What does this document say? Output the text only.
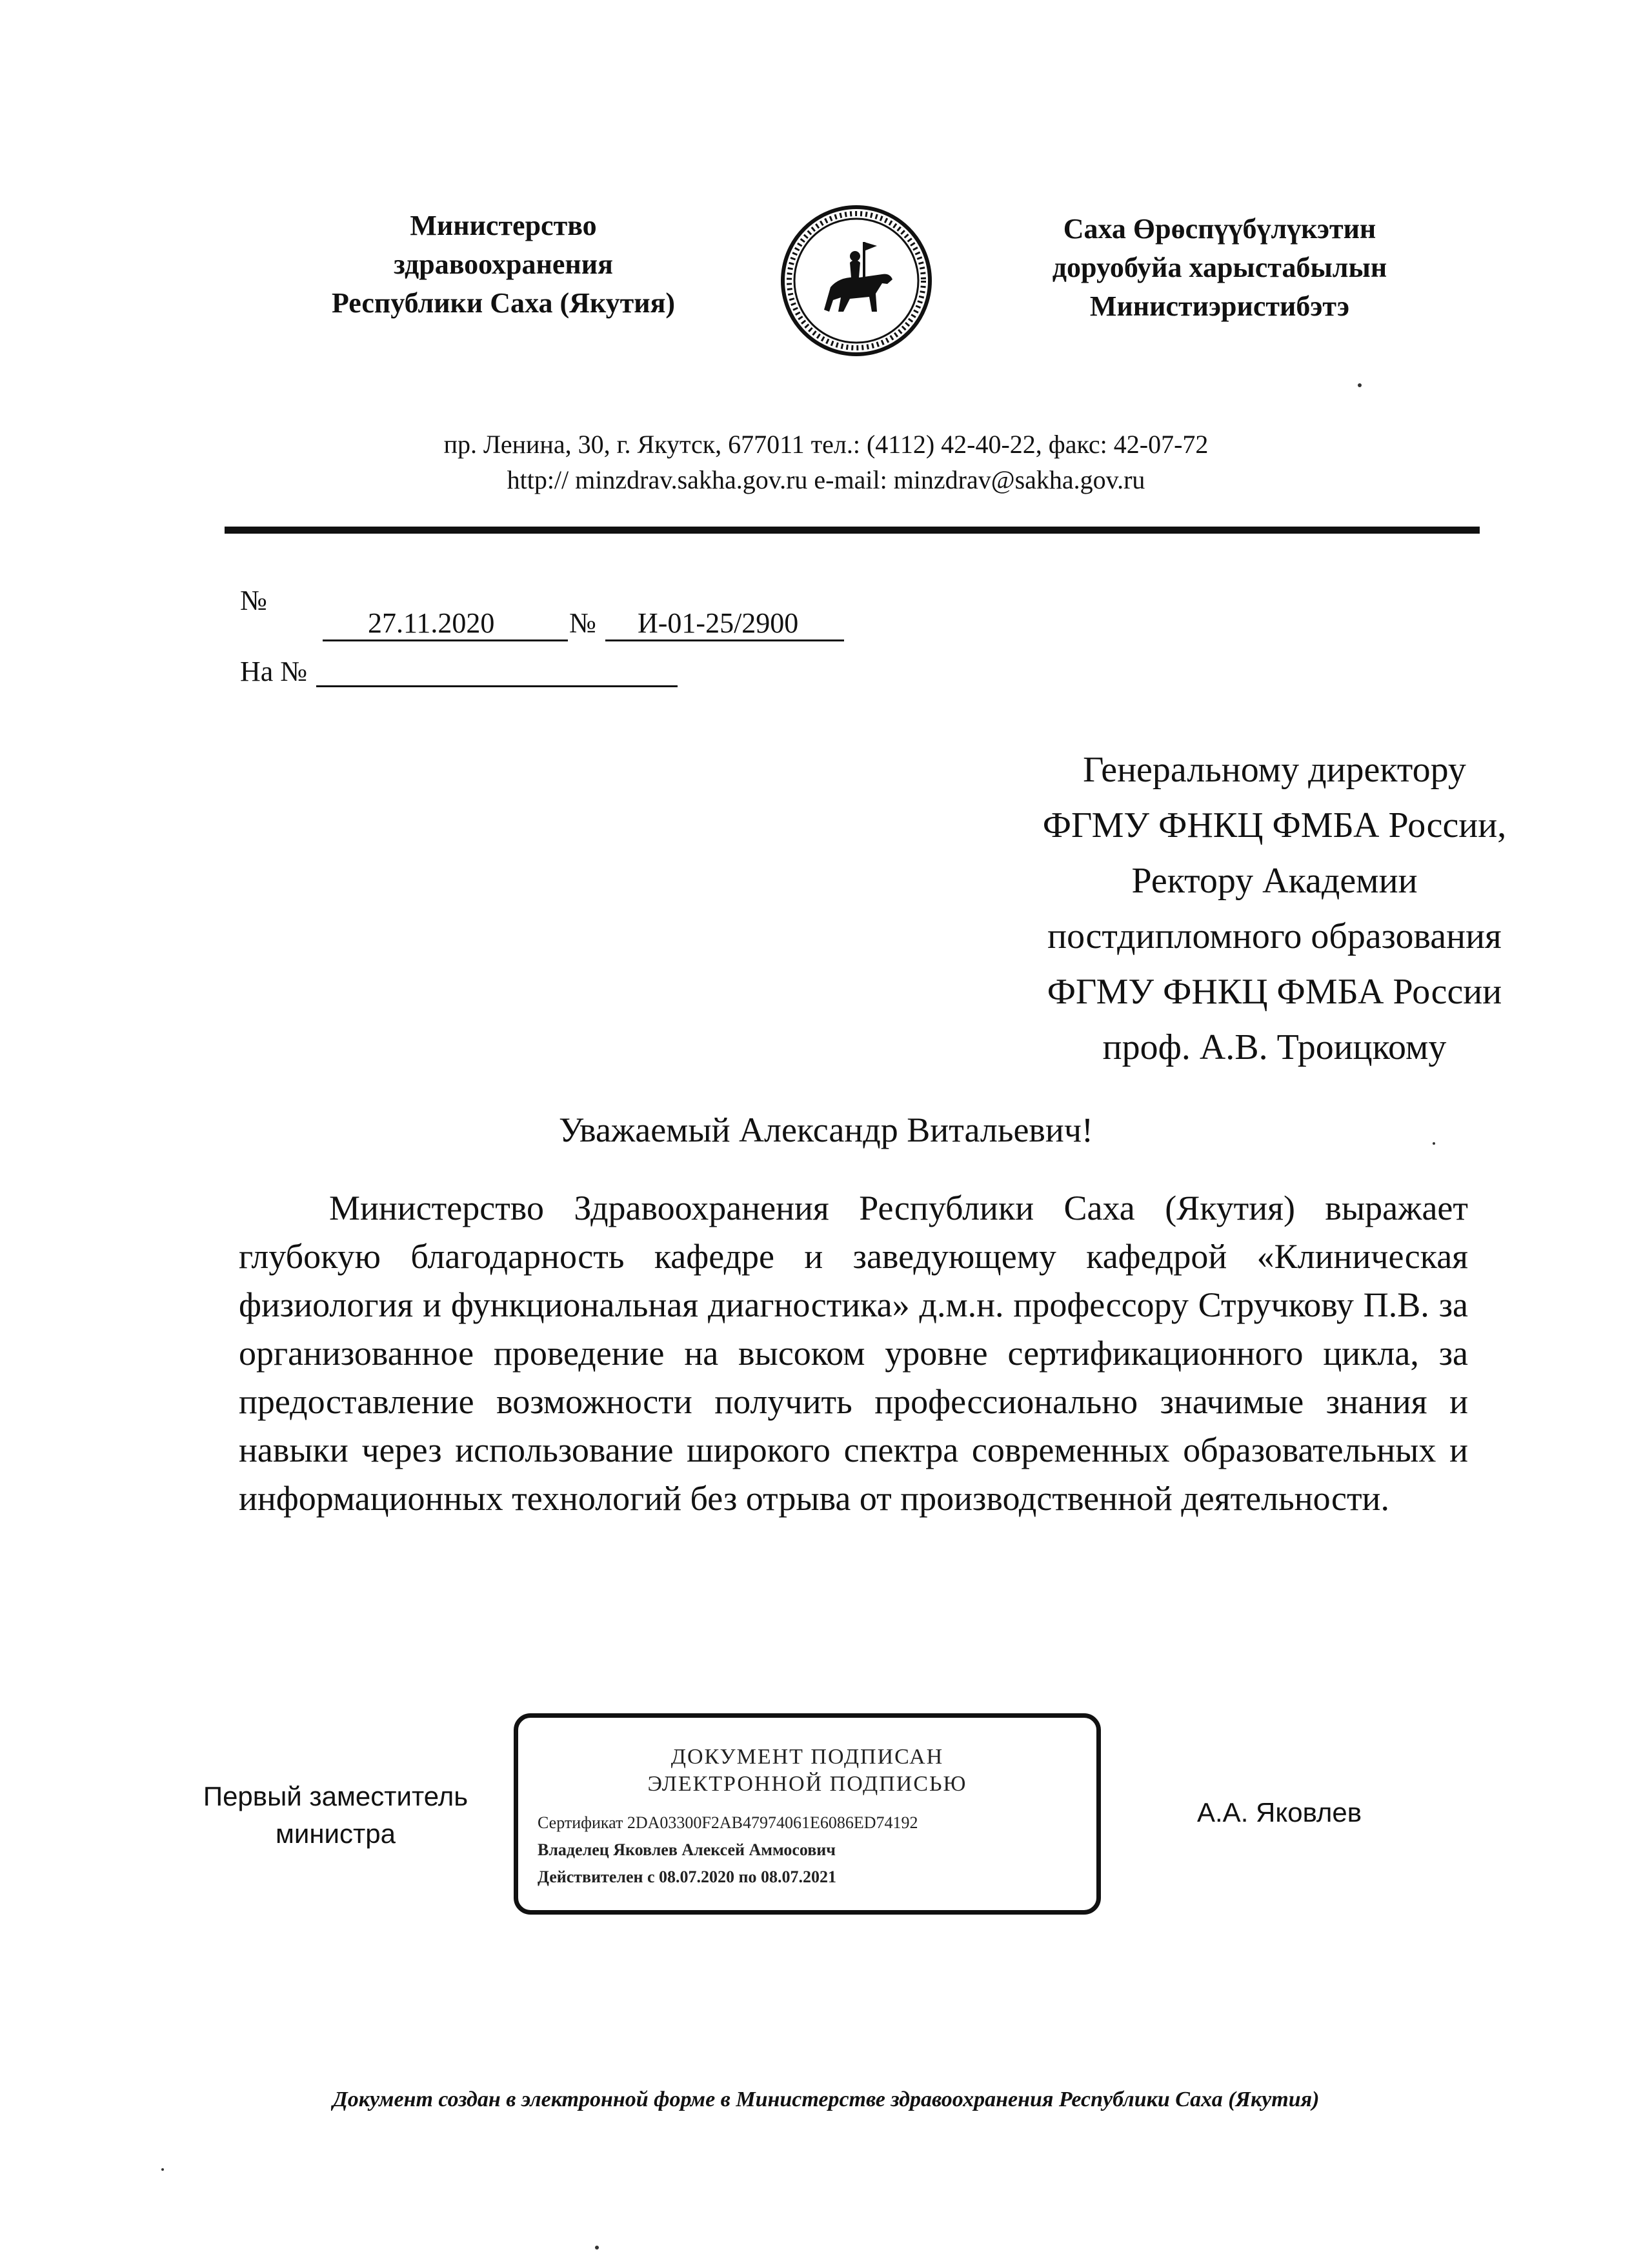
Министерство
здравоохранения
Республики Саха (Якутия)
Саха Өрөспүүбүлүкэтин
доруобуйа харыстабылын
Министиэристибэтэ
пр. Ленина, 30, г. Якутск, 677011 тел.: (4112) 42-40-22, факс: 42-07-72
http:// minzdrav.sakha.gov.ru e-mail: minzdrav@sakha.gov.ru
№
27.11.2020	№	И-01-25/2900
На №
Генеральному директору
ФГМУ ФНКЦ ФМБА России,
Ректору Академии
постдипломного образования
ФГМУ ФНКЦ ФМБА России
проф. А.В. Троицкому
Уважаемый Александр Витальевич!

Министерство Здравоохранения Республики Саха (Якутия) выражает глубокую благодарность кафедре и заведующему кафедрой «Клиническая физиология и функциональная диагностика» д.м.н. профессору Стручкову П.В. за организованное проведение на высоком уровне сертификационного цикла, за предоставление возможности получить профессионально значимые знания и навыки через использование широкого спектра современных образовательных и информационных технологий без отрыва от производственной деятельности.

Первый заместитель
министра
ДОКУМЕНТ ПОДПИСАН
ЭЛЕКТРОННОЙ ПОДПИСЬЮ
Сертификат 2DA03300F2AB47974061E6086ED74192
Владелец Яковлев Алексей Аммосович
Действителен с 08.07.2020 по 08.07.2021
А.А. Яковлев
Документ создан в электронной форме в Министерстве здравоохранения Республики Саха (Якутия)
